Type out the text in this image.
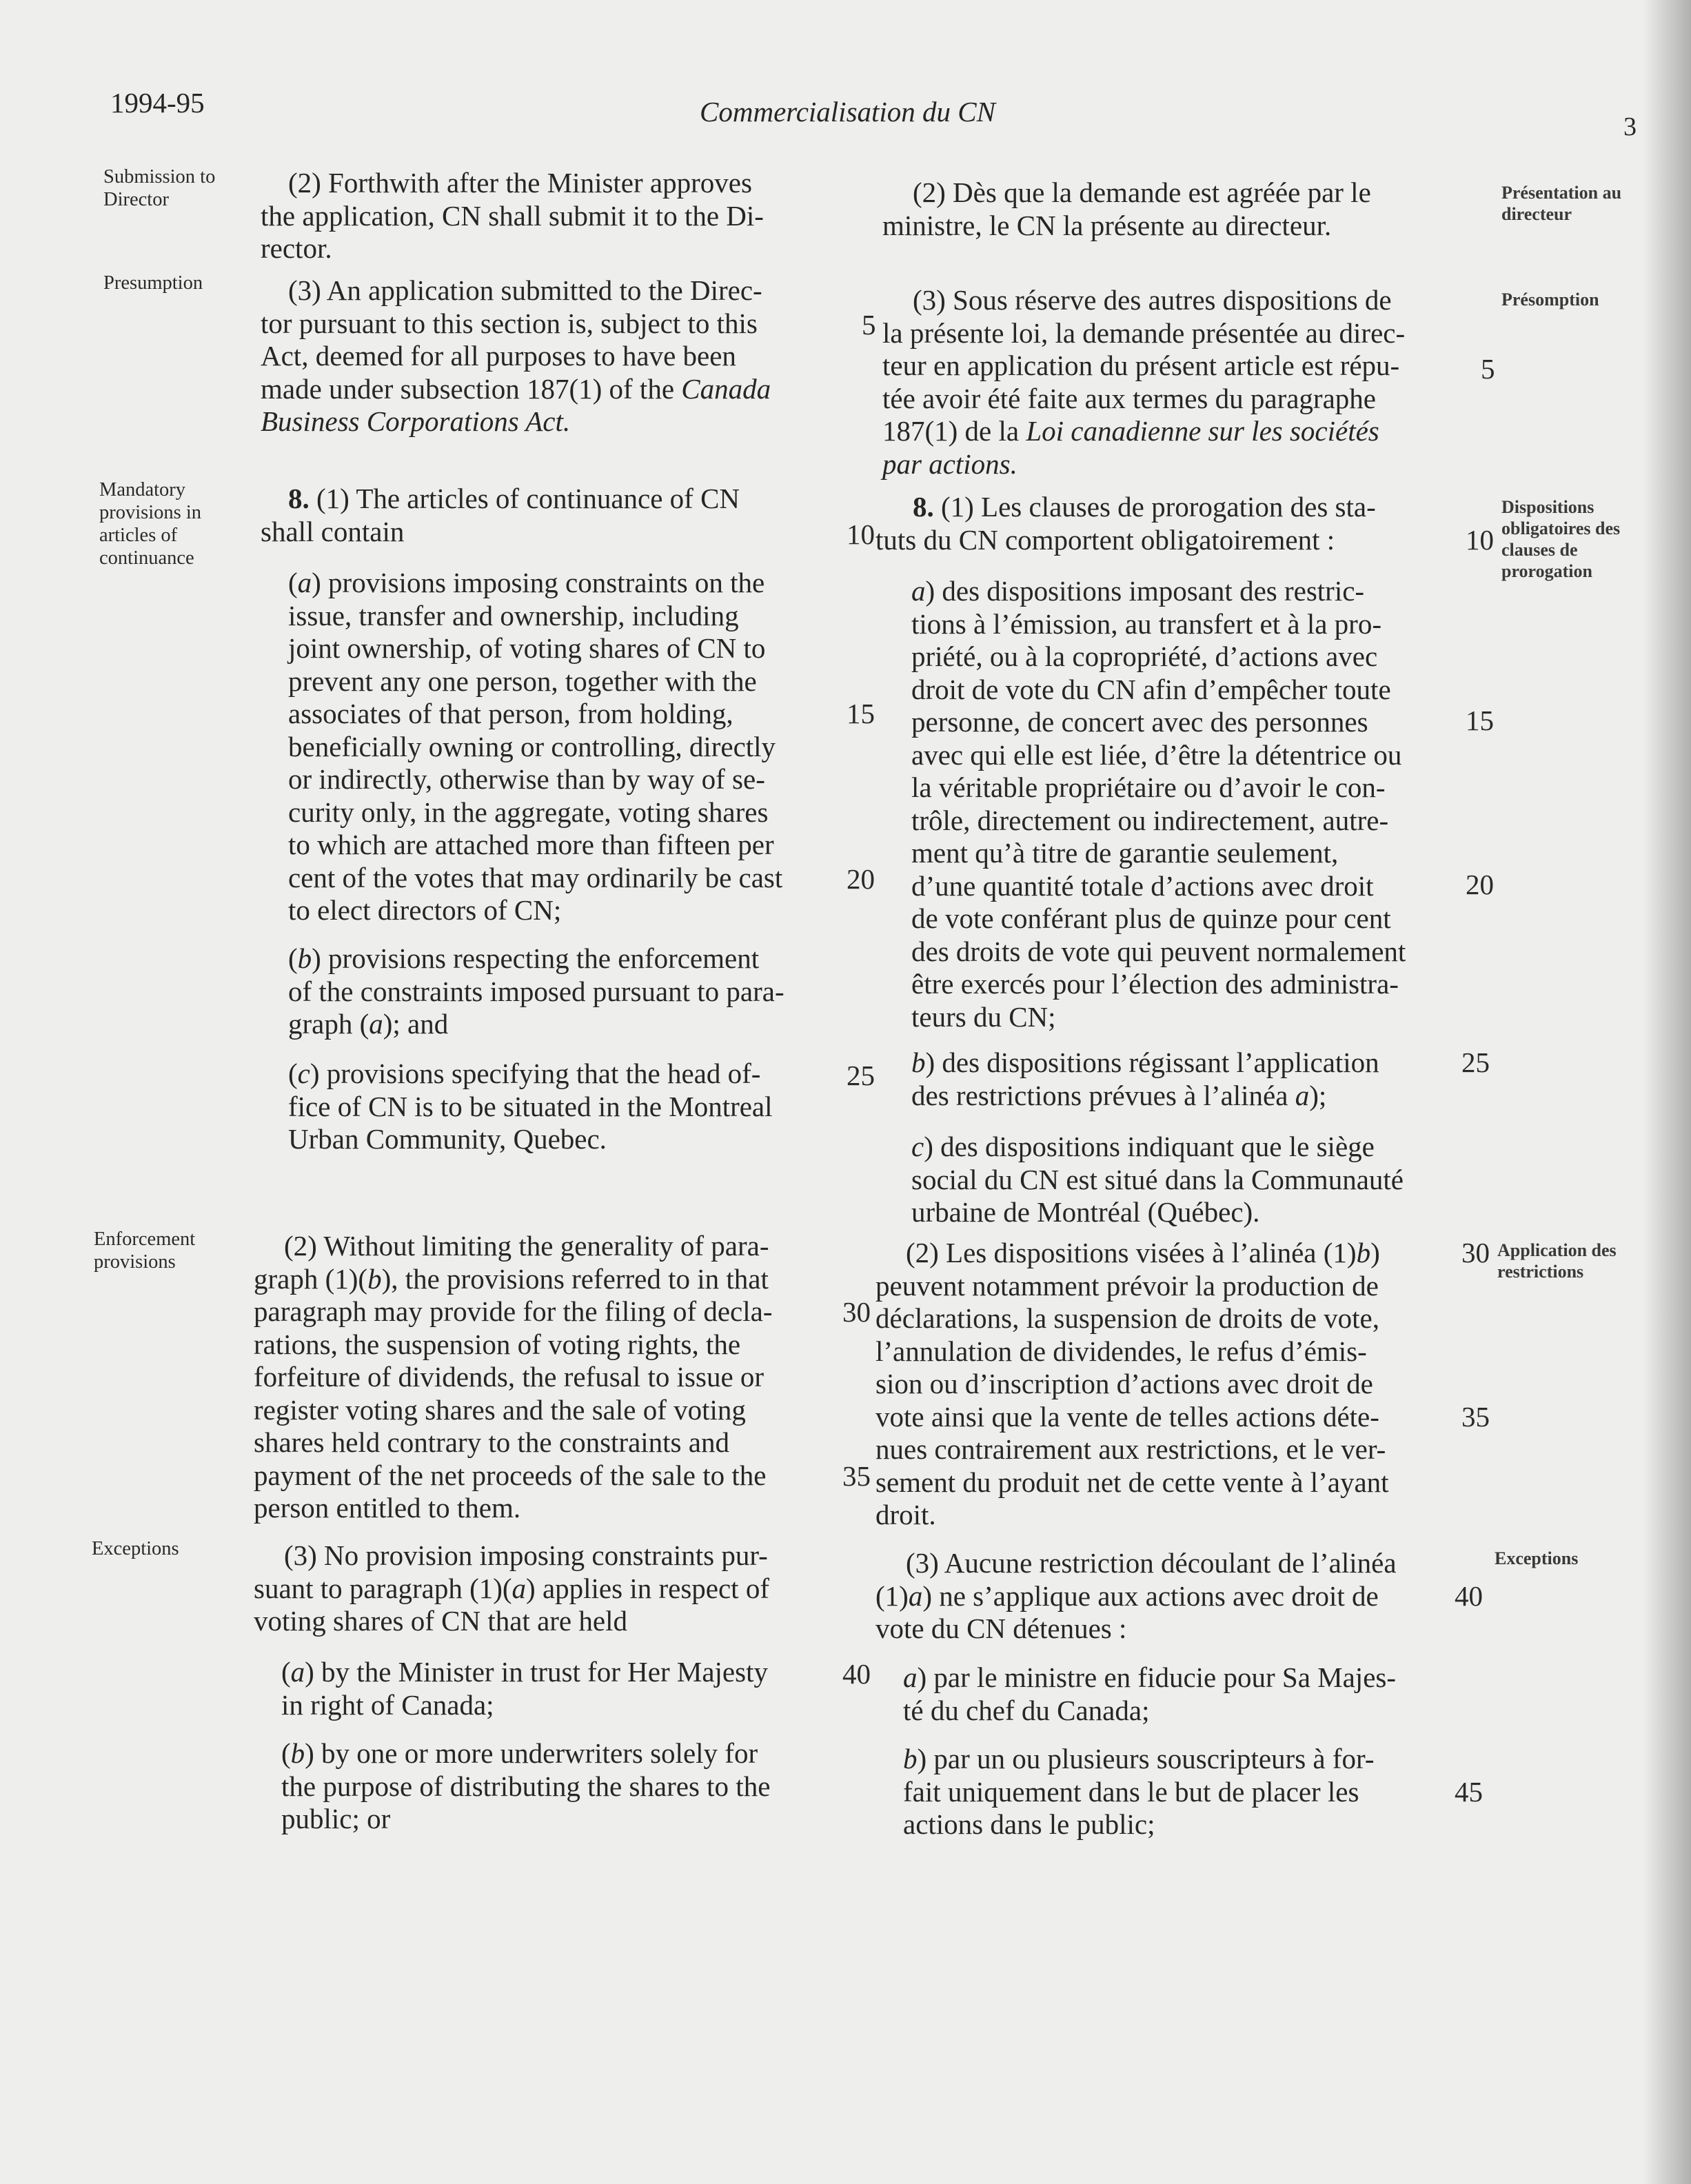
1994-95	Commercialisation du CN	3
Submission to Director
Presumption
Mandatory provisions in articles of continuance
Enforcement provisions
Exceptions
Présentation au directeur
Présomption
Dispositions obligatoires des clauses de prorogation
Application des restrictions
Exceptions
(2) Forthwith after the Minister approves
the application, CN shall submit it to the Di-
rector.
(3) An application submitted to the Direc-
tor pursuant to this section is, subject to this
Act, deemed for all purposes to have been
made under subsection 187(1) of the Canada
Business Corporations Act.
8. (1) The articles of continuance of CN
shall contain
(a) provisions imposing constraints on the
issue, transfer and ownership, including
joint ownership, of voting shares of CN to
prevent any one person, together with the
associates of that person, from holding,
beneficially owning or controlling, directly
or indirectly, otherwise than by way of se-
curity only, in the aggregate, voting shares
to which are attached more than fifteen per
cent of the votes that may ordinarily be cast
to elect directors of CN;
(b) provisions respecting the enforcement
of the constraints imposed pursuant to para-
graph (a); and
(c) provisions specifying that the head of-
fice of CN is to be situated in the Montreal
Urban Community, Quebec.
(2) Without limiting the generality of para-
graph (1)(b), the provisions referred to in that
paragraph may provide for the filing of decla-
rations, the suspension of voting rights, the
forfeiture of dividends, the refusal to issue or
register voting shares and the sale of voting
shares held contrary to the constraints and
payment of the net proceeds of the sale to the
person entitled to them.
(3) No provision imposing constraints pur-
suant to paragraph (1)(a) applies in respect of
voting shares of CN that are held
(a) by the Minister in trust for Her Majesty
in right of Canada;
(b) by one or more underwriters solely for
the purpose of distributing the shares to the
public; or
5
10
15
20
25
30
35
40
(2) Dès que la demande est agréée par le
ministre, le CN la présente au directeur.
(3) Sous réserve des autres dispositions de
la présente loi, la demande présentée au direc-
teur en application du présent article est répu-
tée avoir été faite aux termes du paragraphe
187(1) de la Loi canadienne sur les sociétés
par actions.
8. (1) Les clauses de prorogation des sta-
tuts du CN comportent obligatoirement :
a) des dispositions imposant des restric-
tions à l’émission, au transfert et à la pro-
priété, ou à la copropriété, d’actions avec
droit de vote du CN afin d’empêcher toute
personne, de concert avec des personnes
avec qui elle est liée, d’être la détentrice ou
la véritable propriétaire ou d’avoir le con-
trôle, directement ou indirectement, autre-
ment qu’à titre de garantie seulement,
d’une quantité totale d’actions avec droit
de vote conférant plus de quinze pour cent
des droits de vote qui peuvent normalement
être exercés pour l’élection des administra-
teurs du CN;
b) des dispositions régissant l’application
des restrictions prévues à l’alinéa a);
c) des dispositions indiquant que le siège
social du CN est situé dans la Communauté
urbaine de Montréal (Québec).
(2) Les dispositions visées à l’alinéa (1)b)
peuvent notamment prévoir la production de
déclarations, la suspension de droits de vote,
l’annulation de dividendes, le refus d’émis-
sion ou d’inscription d’actions avec droit de
vote ainsi que la vente de telles actions déte-
nues contrairement aux restrictions, et le ver-
sement du produit net de cette vente à l’ayant
droit.
(3) Aucune restriction découlant de l’alinéa
(1)a) ne s’applique aux actions avec droit de
vote du CN détenues :
a) par le ministre en fiducie pour Sa Majes-
té du chef du Canada;
b) par un ou plusieurs souscripteurs à for-
fait uniquement dans le but de placer les
actions dans le public;
5
10
15
20
25
30
35
40
45
